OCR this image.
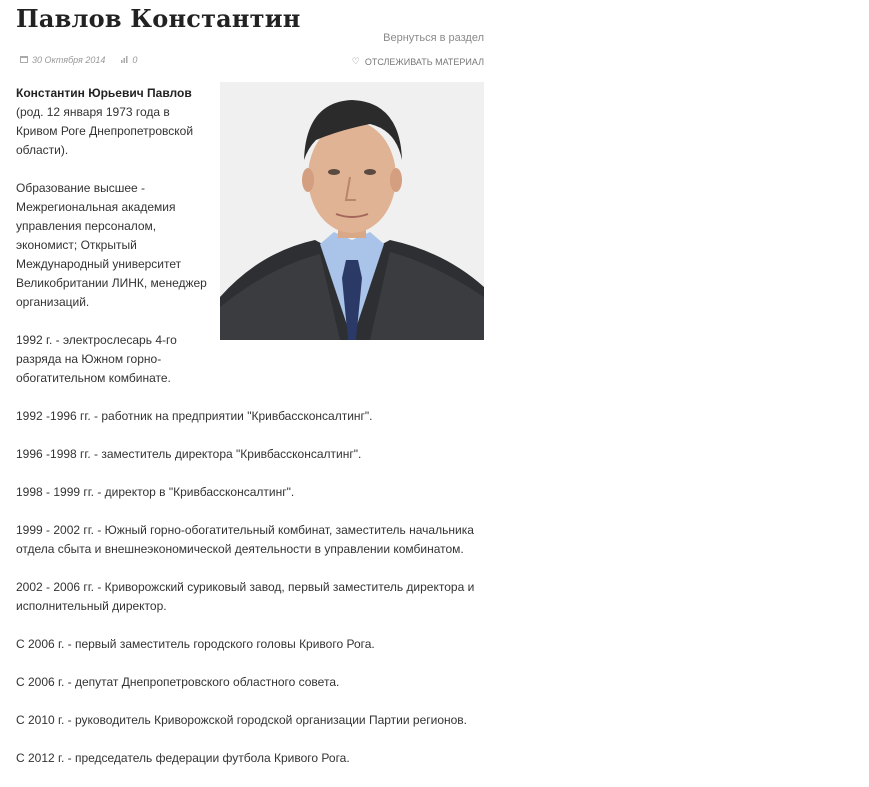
Павлов Константин
Вернуться в раздел
30 Октября 2014	0	♡ ОТСЛЕЖИВАТЬ МАТЕРИАЛ

Константин Юрьевич Павлов
(род. 12 января 1973 года в Кривом Роге Днепропетровской области).

Образование высшее - Межрегиональная академия управления персоналом, экономист; Открытый Международный университет Великобритании ЛИНК, менеджер организаций.

1992 г. - электрослесарь 4-го разряда на Южном горно-обогатительном комбинате.

1992 -1996 гг. - работник на предприятии "Кривбассконсалтинг".

1996 -1998 гг. - заместитель директора "Кривбассконсалтинг".

1998 - 1999 гг. - директор в "Кривбассконсалтинг".

1999 - 2002 гг. - Южный горно-обогатительный комбинат, заместитель начальника отдела сбыта и внешнеэкономической деятельности в управлении комбинатом.

2002 - 2006 гг. - Криворожский суриковый завод, первый заместитель директора и исполнительный директор.

С 2006 г. - первый заместитель городского головы Кривого Рога.

С 2006 г. - депутат Днепропетровского областного совета.

С 2010 г. - руководитель Криворожской городской организации Партии регионов.

С 2012 г. - председатель федерации футбола Кривого Рога.
